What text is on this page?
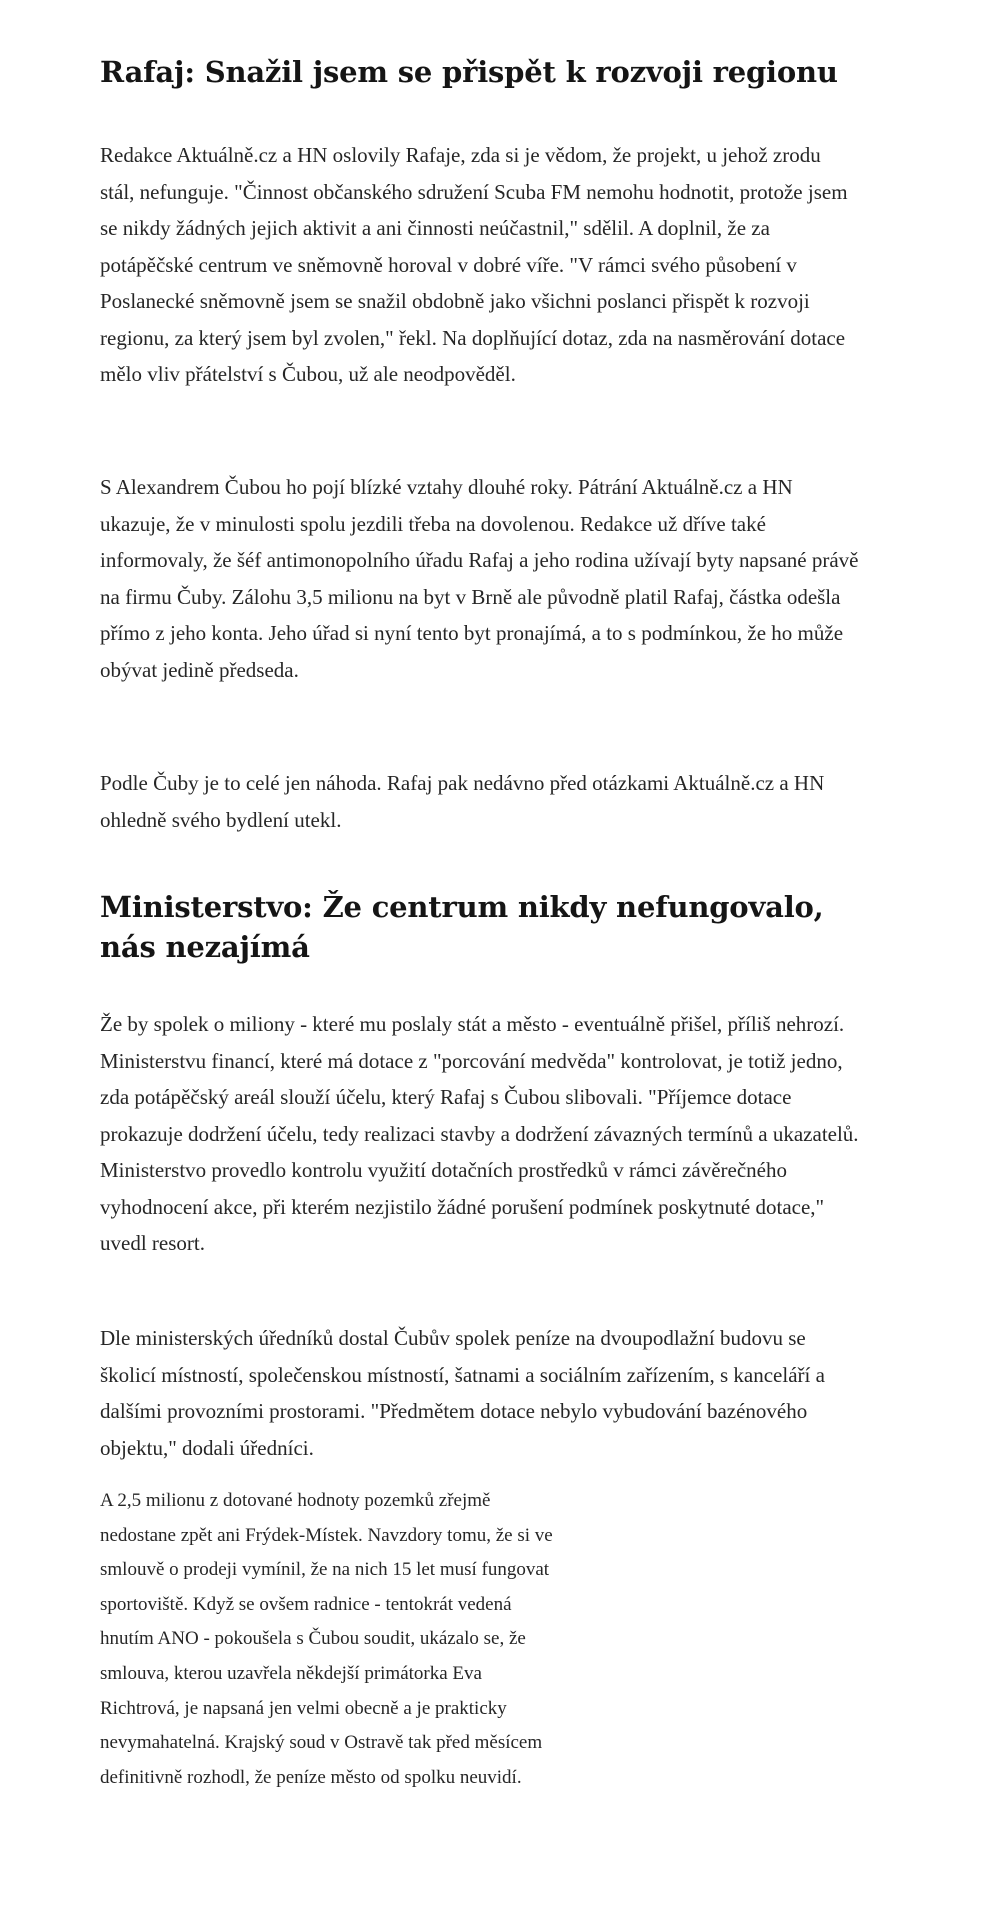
Rafaj: Snažil jsem se přispět k rozvoji regionu

Redakce Aktuálně.cz a HN oslovily Rafaje, zda si je vědom, že projekt, u jehož zrodu stál, nefunguje. "Činnost občanského sdružení Scuba FM nemohu hodnotit, protože jsem se nikdy žádných jejich aktivit a ani činnosti neúčastnil," sdělil. A doplnil, že za potápěčské centrum ve sněmovně horoval v dobré víře. "V rámci svého působení v Poslanecké sněmovně jsem se snažil obdobně jako všichni poslanci přispět k rozvoji regionu, za který jsem byl zvolen," řekl. Na doplňující dotaz, zda na nasměrování dotace mělo vliv přátelství s Čubou, už ale neodpověděl.

S Alexandrem Čubou ho pojí blízké vztahy dlouhé roky. Pátrání Aktuálně.cz a HN ukazuje, že v minulosti spolu jezdili třeba na dovolenou. Redakce už dříve také informovaly, že šéf antimonopolního úřadu Rafaj a jeho rodina užívají byty napsané právě na firmu Čuby. Zálohu 3,5 milionu na byt v Brně ale původně platil Rafaj, částka odešla přímo z jeho konta. Jeho úřad si nyní tento byt pronajímá, a to s podmínkou, že ho může obývat jedině předseda.

Podle Čuby je to celé jen náhoda. Rafaj pak nedávno před otázkami Aktuálně.cz a HN ohledně svého bydlení utekl.

Ministerstvo: Že centrum nikdy nefungovalo, nás nezajímá

Že by spolek o miliony - které mu poslaly stát a město - eventuálně přišel, příliš nehrozí. Ministerstvu financí, které má dotace z "porcování medvěda" kontrolovat, je totiž jedno, zda potápěčský areál slouží účelu, který Rafaj s Čubou slibovali. "Příjemce dotace prokazuje dodržení účelu, tedy realizaci stavby a dodržení závazných termínů a ukazatelů. Ministerstvo provedlo kontrolu využití dotačních prostředků v rámci závěrečného vyhodnocení akce, při kterém nezjistilo žádné porušení podmínek poskytnuté dotace," uvedl resort.

Dle ministerských úředníků dostal Čubův spolek peníze na dvoupodlažní budovu se školicí místností, společenskou místností, šatnami a sociálním zařízením, s kanceláří a dalšími provozními prostorami. "Předmětem dotace nebylo vybudování bazénového objektu," dodali úředníci.

A 2,5 milionu z dotované hodnoty pozemků zřejmě nedostane zpět ani Frýdek-Místek. Navzdory tomu, že si ve smlouvě o prodeji vymínil, že na nich 15 let musí fungovat sportoviště. Když se ovšem radnice - tentokrát vedená hnutím ANO - pokoušela s Čubou soudit, ukázalo se, že smlouva, kterou uzavřela někdejší primátorka Eva Richtrová, je napsaná jen velmi obecně a je prakticky nevymahatelná. Krajský soud v Ostravě tak před měsícem definitivně rozhodl, že peníze město od spolku neuvidí.
